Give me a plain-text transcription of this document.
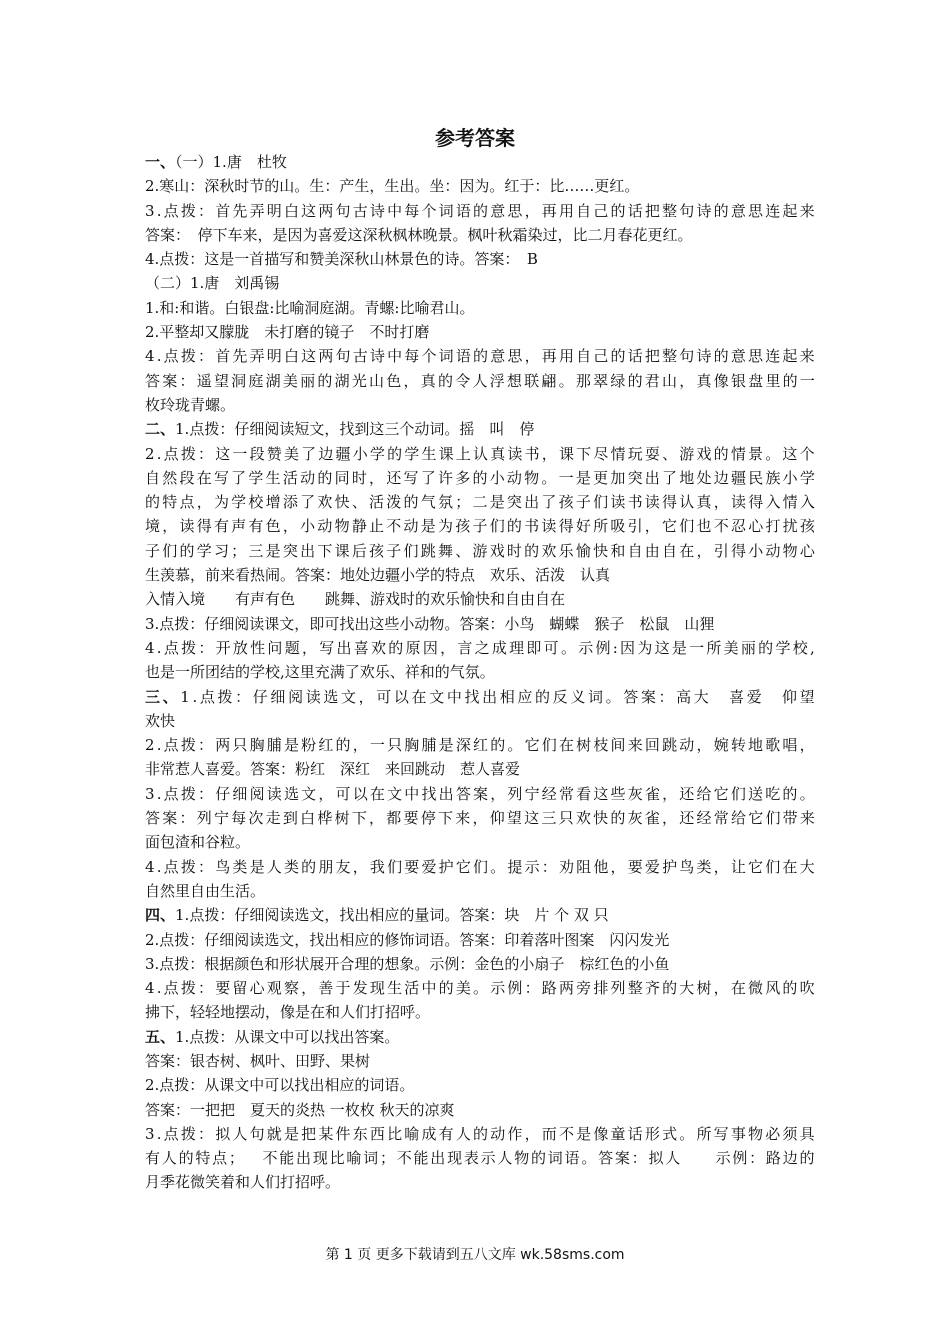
参考答案
一、（一）1.唐　杜牧
2.寒山：深秋时节的山。生：产生，生出。坐：因为。红于：比……更红。
3 . 点 拨 ： 首 先 弄 明 白 这 两 句 古 诗 中 每 个 词 语 的 意 思 ， 再 用 自 己 的 话 把 整 句 诗 的 意 思 连 起 来
答案：　停下车来，是因为喜爱这深秋枫林晚景。枫叶秋霜染过，比二月春花更红。
4.点拨：这是一首描写和赞美深秋山林景色的诗。答案：　B
（二）1.唐　刘禹锡
1.和:和谐。白银盘:比喻洞庭湖。青螺:比喻君山。
2.平整却又朦胧　未打磨的镜子　不时打磨
4 . 点 拨 ： 首 先 弄 明 白 这 两 句 古 诗 中 每 个 词 语 的 意 思 ， 再 用 自 己 的 话 把 整 句 诗 的 意 思 连 起 来
答 案 ： 遥 望 洞 庭 湖 美 丽 的 湖 光 山 色 ， 真 的 令 人 浮 想 联 翩 。 那 翠 绿 的 君 山 ， 真 像 银 盘 里 的 一
枚玲珑青螺。
二、1.点拨：仔细阅读短文，找到这三个动词。摇　叫　停
2 . 点 拨 ： 这 一 段 赞 美 了 边 疆 小 学 的 学 生 课 上 认 真 读 书 ， 课 下 尽 情 玩 耍 、 游 戏 的 情 景 。 这 个
自 然 段 在 写 了 学 生 活 动 的 同 时 ， 还 写 了 许 多 的 小 动 物 。 一 是 更 加 突 出 了 地 处 边 疆 民 族 小 学
的 特 点 ， 为 学 校 增 添 了 欢 快 、 活 泼 的 气 氛 ； 二 是 突 出 了 孩 子 们 读 书 读 得 认 真 ， 读 得 入 情 入
境 ， 读 得 有 声 有 色 ， 小 动 物 静 止 不 动 是 为 孩 子 们 的 书 读 得 好 所 吸 引 ， 它 们 也 不 忍 心 打 扰 孩
子 们 的 学 习 ； 三 是 突 出 下 课 后 孩 子 们 跳 舞 、 游 戏 时 的 欢 乐 愉 快 和 自 由 自 在 ， 引 得 小 动 物 心
生羡慕，前来看热闹。答案：地处边疆小学的特点　欢乐、活泼　认真
入情入境　　有声有色　　跳舞、游戏时的欢乐愉快和自由自在
3.点拨：仔细阅读课文，即可找出这些小动物。答案：小鸟　蝴蝶　猴子　松鼠　山狸
4 . 点 拨 ： 开 放 性 问 题 ， 写 出 喜 欢 的 原 因 ， 言 之 成 理 即 可 。 示 例 : 因 为 这 是 一 所 美 丽 的 学 校 ,
也是一所团结的学校,这里充满了欢乐、祥和的气氛。
三 、 1 . 点 拨 ： 仔 细 阅 读 选 文 ， 可 以 在 文 中 找 出 相 应 的 反 义 词 。 答 案 ： 高 大
　 喜 爱
　 仰 望
欢快
2 . 点 拨 ： 两 只 胸 脯 是 粉 红 的 ， 一 只 胸 脯 是 深 红 的 。 它 们 在 树 枝 间 来 回 跳 动 ， 婉 转 地 歌 唱 ，
非常惹人喜爱。答案：粉红　深红　来回跳动　惹人喜爱
3 . 点 拨 ： 仔 细 阅 读 选 文 ， 可 以 在 文 中 找 出 答 案 ， 列 宁 经 常 看 这 些 灰 雀 ， 还 给 它 们 送 吃 的 。
答 案 ： 列 宁 每 次 走 到 白 桦 树 下 ， 都 要 停 下 来 ， 仰 望 这 三 只 欢 快 的 灰 雀 ， 还 经 常 给 它 们 带 来
面包渣和谷粒。
4 . 点 拨 ： 鸟 类 是 人 类 的 朋 友 ， 我 们 要 爱 护 它 们 。 提 示 ： 劝 阻 他 ， 要 爱 护 鸟 类 ， 让 它 们 在 大
自然里自由生活。
四、1.点拨：仔细阅读选文，找出相应的量词。答案：块　片 个 双 只
2.点拨：仔细阅读选文，找出相应的修饰词语。答案：印着落叶图案　闪闪发光
3.点拨：根据颜色和形状展开合理的想象。示例：金色的小扇子　棕红色的小鱼
4 . 点 拨 ： 要 留 心 观 察 ， 善 于 发 现 生 活 中 的 美 。 示 例 ： 路 两 旁 排 列 整 齐 的 大 树 ， 在 微 风 的 吹
拂下，轻轻地摆动，像是在和人们打招呼。
五、1.点拨：从课文中可以找出答案。
答案：银杏树、枫叶、田野、果树
2.点拨：从课文中可以找出相应的词语。
答案：一把把　夏天的炎热 一枚枚 秋天的凉爽
3 . 点 拨 ： 拟 人 句 就 是 把 某 件 东 西 比 喻 成 有 人 的 动 作 ， 而 不 是 像 童 话 形 式 。 所 写 事 物 必 须 具
有 人 的 特 点 ；
　 不 能 出 现 比 喻 词 ； 不 能 出 现 表 示 人 物 的 词 语 。 答 案 ： 拟 人

　 示 例 ： 路 边 的
月季花微笑着和人们打招呼。
第 1 页 更多下载请到五八文库 wk.58sms.com
